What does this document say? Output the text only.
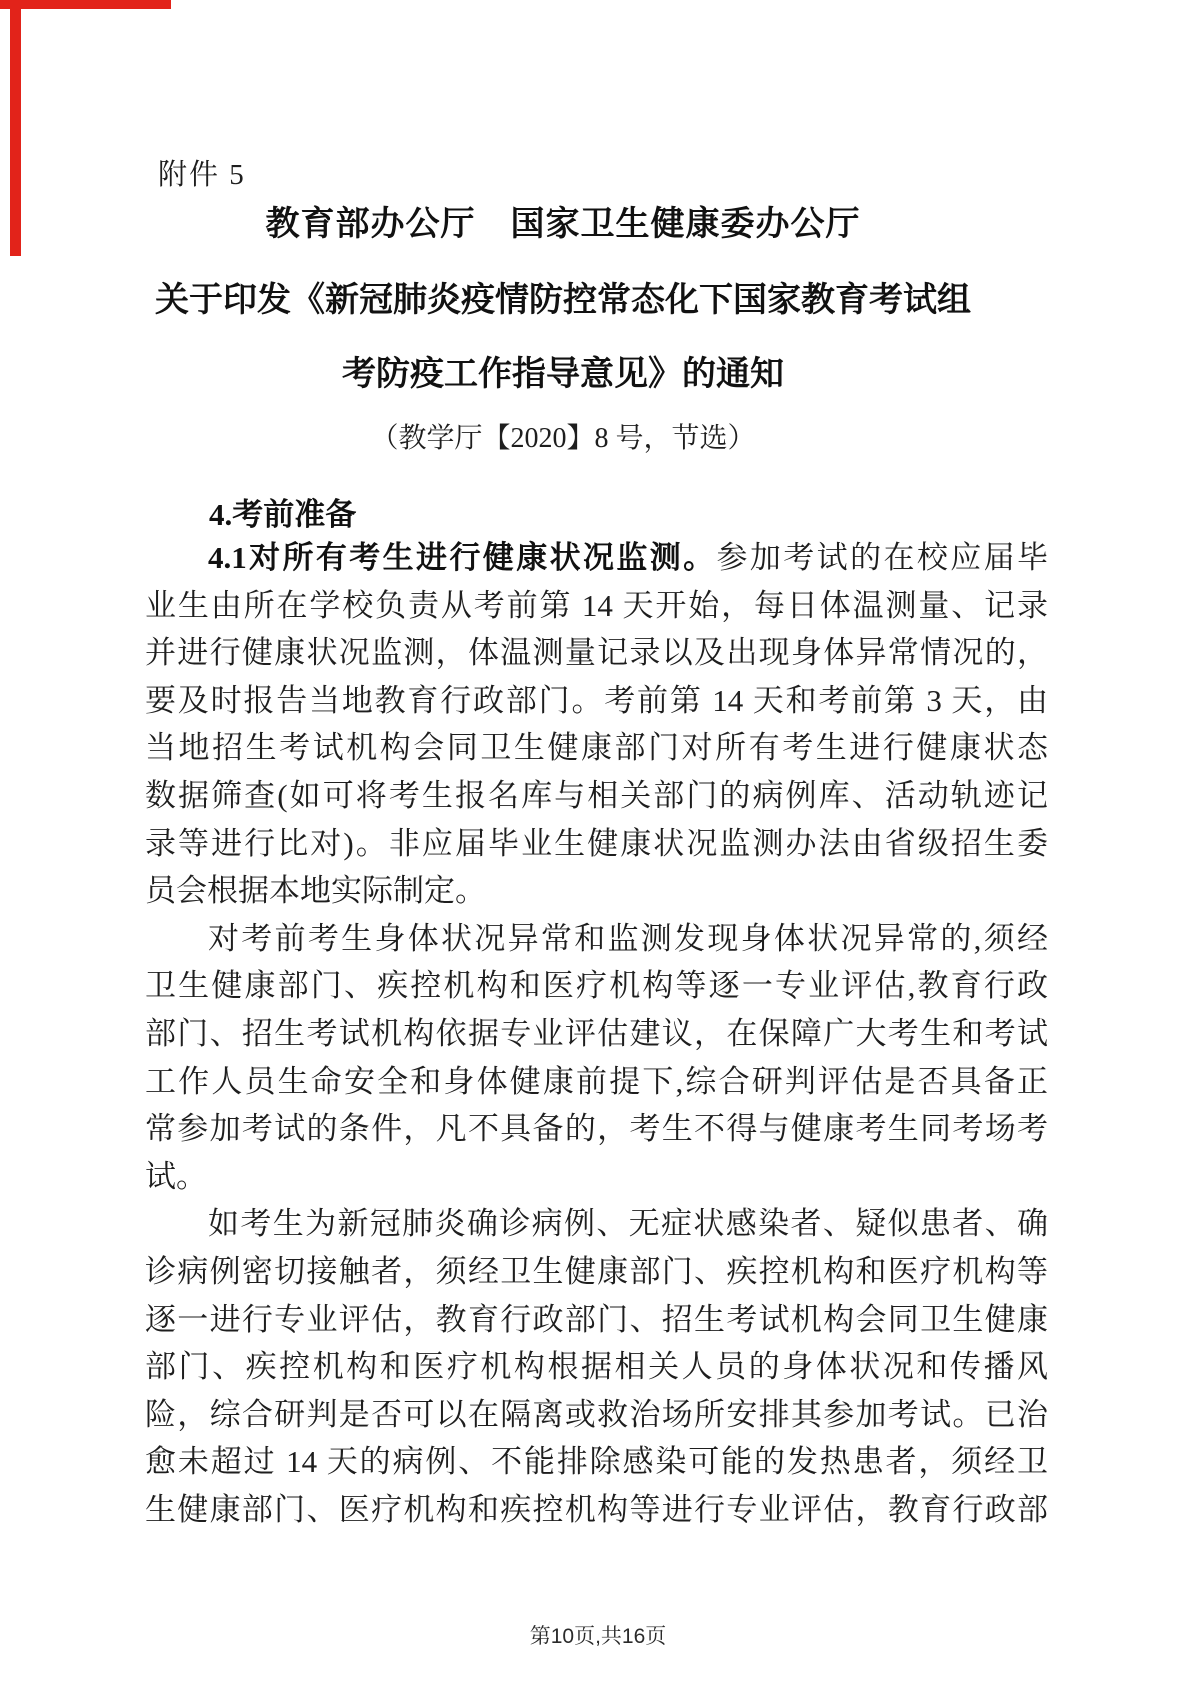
附件 5
教育部办公厅　国家卫生健康委办公厅
关于印发《新冠肺炎疫情防控常态化下国家教育考试组
考防疫工作指导意见》的通知
（教学厅【2020】8 号，节选）
4.考前准备
4.1对所有考生进行健康状况监测。参加考试的在校应届毕
业生由所在学校负责从考前第 14 天开始，每日体温测量、记录
并进行健康状况监测，体温测量记录以及出现身体异常情况的，
要及时报告当地教育行政部门。考前第 14 天和考前第 3 天，由
当地招生考试机构会同卫生健康部门对所有考生进行健康状态
数据筛查(如可将考生报名库与相关部门的病例库、活动轨迹记
录等进行比对)。非应届毕业生健康状况监测办法由省级招生委
员会根据本地实际制定。
对考前考生身体状况异常和监测发现身体状况异常的,须经
卫生健康部门、疾控机构和医疗机构等逐一专业评估,教育行政
部门、招生考试机构依据专业评估建议，在保障广大考生和考试
工作人员生命安全和身体健康前提下,综合研判评估是否具备正
常参加考试的条件，凡不具备的，考生不得与健康考生同考场考
试。
如考生为新冠肺炎确诊病例、无症状感染者、疑似患者、确
诊病例密切接触者，须经卫生健康部门、疾控机构和医疗机构等
逐一进行专业评估，教育行政部门、招生考试机构会同卫生健康
部门、疾控机构和医疗机构根据相关人员的身体状况和传播风
险，综合研判是否可以在隔离或救治场所安排其参加考试。已治
愈未超过 14 天的病例、不能排除感染可能的发热患者，须经卫
生健康部门、医疗机构和疾控机构等进行专业评估，教育行政部
第10页,共16页
